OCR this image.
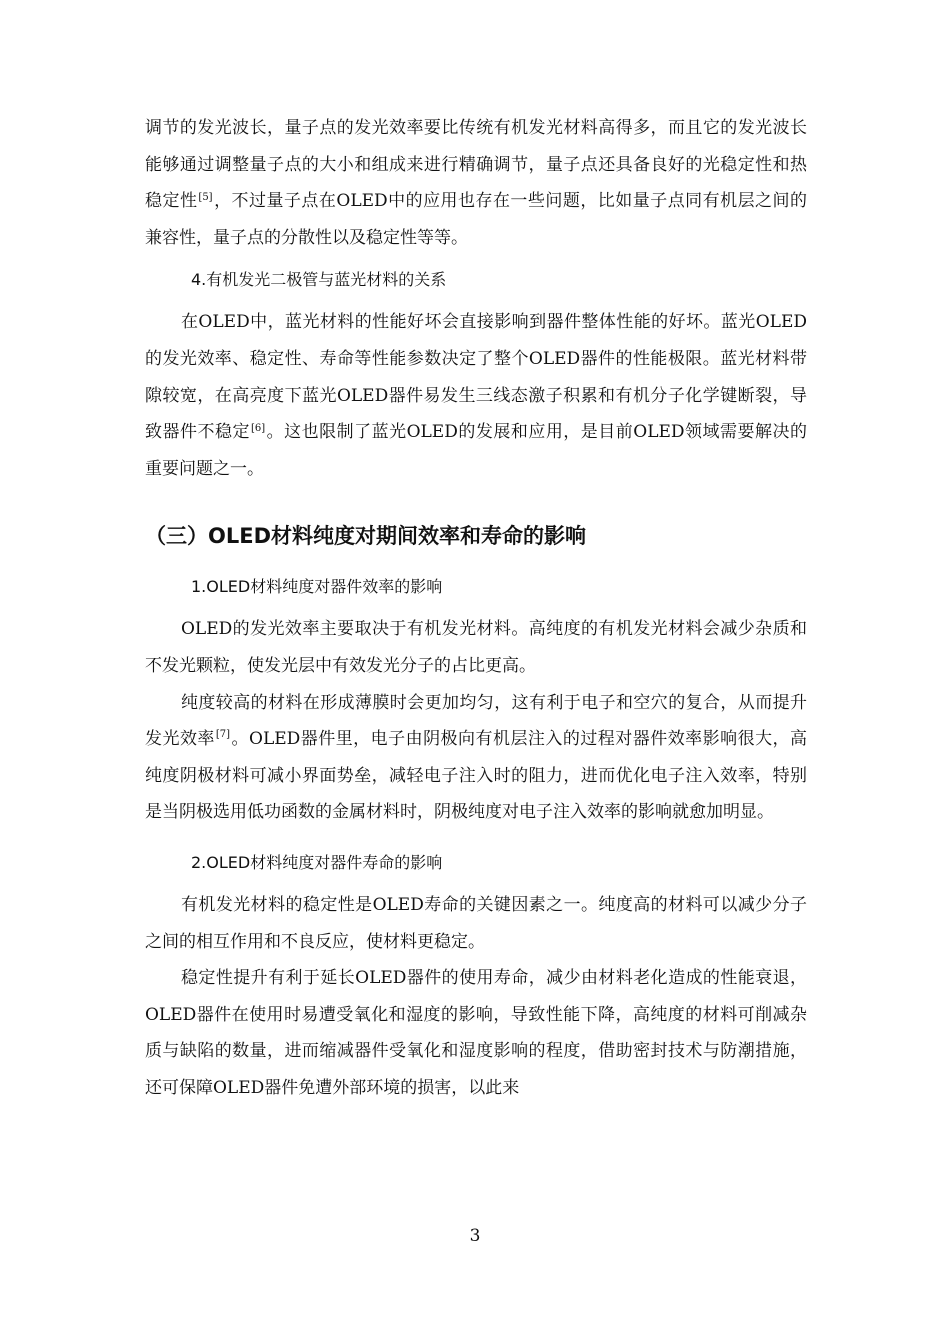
调节的发光波长，量子点的发光效率要比传统有机发光材料高得多，而且它的发光波长能够通过调整量子点的大小和组成来进行精确调节，量子点还具备良好的光稳定性和热稳定性[5]，不过量子点在OLED中的应用也存在一些问题，比如量子点同有机层之间的兼容性，量子点的分散性以及稳定性等等。

4.有机发光二极管与蓝光材料的关系

在OLED中，蓝光材料的性能好坏会直接影响到器件整体性能的好坏。蓝光OLED的发光效率、稳定性、寿命等性能参数决定了整个OLED器件的性能极限。蓝光材料带隙较宽，在高亮度下蓝光OLED器件易发生三线态激子积累和有机分子化学键断裂，导致器件不稳定[6]。这也限制了蓝光OLED的发展和应用，是目前OLED领域需要解决的重要问题之一。

（三）OLED材料纯度对期间效率和寿命的影响

1.OLED材料纯度对器件效率的影响

OLED的发光效率主要取决于有机发光材料。高纯度的有机发光材料会减少杂质和不发光颗粒，使发光层中有效发光分子的占比更高。

纯度较高的材料在形成薄膜时会更加均匀，这有利于电子和空穴的复合，从而提升发光效率[7]。OLED器件里，电子由阴极向有机层注入的过程对器件效率影响很大，高纯度阴极材料可减小界面势垒，减轻电子注入时的阻力，进而优化电子注入效率，特别是当阴极选用低功函数的金属材料时，阴极纯度对电子注入效率的影响就愈加明显。

2.OLED材料纯度对器件寿命的影响

有机发光材料的稳定性是OLED寿命的关键因素之一。纯度高的材料可以减少分子之间的相互作用和不良反应，使材料更稳定。

稳定性提升有利于延长OLED器件的使用寿命，减少由材料老化造成的性能衰退，OLED器件在使用时易遭受氧化和湿度的影响，导致性能下降，高纯度的材料可削减杂质与缺陷的数量，进而缩减器件受氧化和湿度影响的程度，借助密封技术与防潮措施，还可保障OLED器件免遭外部环境的损害，以此来

3
